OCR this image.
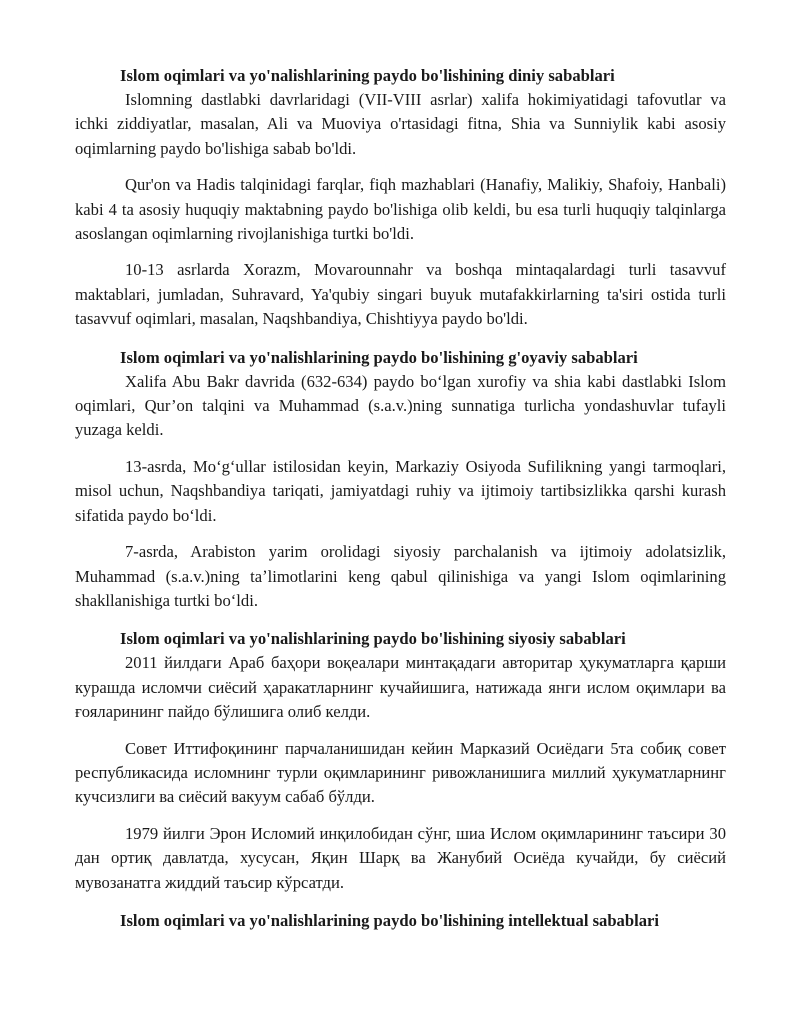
Islom oqimlari va yo'nalishlarining paydo bo'lishining diniy sabablari

Islomning dastlabki davrlaridagi (VII-VIII asrlar) xalifa hokimiyatidagi tafovutlar va ichki ziddiyatlar, masalan, Ali va Muoviya o'rtasidagi fitna, Shia va Sunniylik kabi asosiy oqimlarning paydo bo'lishiga sabab bo'ldi.

Qur'on va Hadis talqinidagi farqlar, fiqh mazhablari (Hanafiy, Malikiy, Shafoiy, Hanbali) kabi 4 ta asosiy huquqiy maktabning paydo bo'lishiga olib keldi, bu esa turli huquqiy talqinlarga asoslangan oqimlarning rivojlanishiga turtki bo'ldi.

10-13 asrlarda Xorazm, Movarounnahr va boshqa mintaqalardagi turli tasavvuf maktablari, jumladan, Suhravard, Ya'qubiy singari buyuk mutafakkirlarning ta'siri ostida turli tasavvuf oqimlari, masalan, Naqshbandiya, Chishtiyya paydo bo'ldi.

Islom oqimlari va yo'nalishlarining paydo bo'lishining g'oyaviy sabablari

Xalifa Abu Bakr davrida (632-634) paydo boʻlgan xurofiy va shia kabi dastlabki Islom oqimlari, Qur’on talqini va Muhammad (s.a.v.)ning sunnatiga turlicha yondashuvlar tufayli yuzaga keldi.

13-asrda, Moʻgʻullar istilosidan keyin, Markaziy Osiyoda Sufilikning yangi tarmoqlari, misol uchun, Naqshbandiya tariqati, jamiyatdagi ruhiy va ijtimoiy tartibsizlikka qarshi kurash sifatida paydo boʻldi.

7-asrda, Arabiston yarim orolidagi siyosiy parchalanish va ijtimoiy adolatsizlik, Muhammad (s.a.v.)ning taʼlimotlarini keng qabul qilinishiga va yangi Islom oqimlarining shakllanishiga turtki boʻldi.

Islom oqimlari va yo'nalishlarining paydo bo'lishining siyosiy sabablari

2011 йилдаги Араб баҳори воқеалари минтақадаги авторитар ҳукуматларга қарши курашда исломчи сиёсий ҳаракатларнинг кучайишига, натижада янги ислом оқимлари ва ғояларининг пайдо бўлишига олиб келди.

Совет Иттифоқининг парчаланишидан кейин Марказий Осиёдаги 5та собиқ совет республикасида исломнинг турли оқимларининг ривожланишига миллий ҳукуматларнинг кучсизлиги ва сиёсий вакуум сабаб бўлди.

1979 йилги Эрон Исломий инқилобидан сўнг, шиа Ислом оқимларининг таъсири 30 дан ортиқ давлатда, хусусан, Яқин Шарқ ва Жанубий Осиёда кучайди, бу сиёсий мувозанатга жиддий таъсир кўрсатди.

Islom oqimlari va yo'nalishlarining paydo bo'lishining intellektual sabablari
